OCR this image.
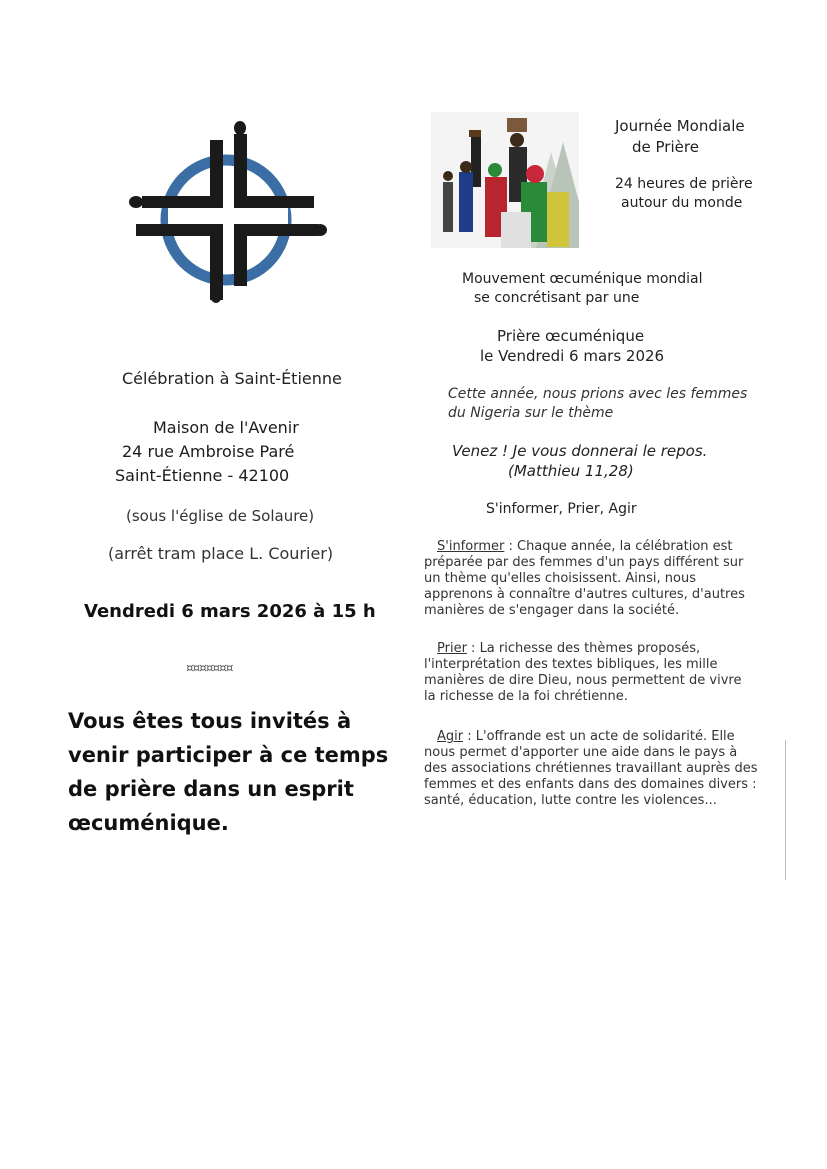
Célébration à Saint-Étienne
Maison de l'Avenir
24 rue Ambroise Paré
Saint-Étienne - 42100
(sous l'église de Solaure)
(arrêt tram place L. Courier)
Vendredi 6 mars 2026 à 15 h
¤¤¤¤¤¤¤
Vous êtes tous invités à
venir participer à ce temps
de prière dans un esprit
œcuménique.
Journée Mondiale
de Prière
24 heures de prière
autour du monde
Mouvement œcuménique mondial
se concrétisant par une
Prière œcuménique
le Vendredi 6 mars 2026
Cette année, nous prions avec les femmes
du Nigeria sur le thème
Venez ! Je vous donnerai le repos.
(Matthieu 11,28)
S'informer, Prier, Agir
S'informer : Chaque année, la célébration est
préparée par des femmes d'un pays différent sur
un thème qu'elles choisissent. Ainsi, nous
apprenons à connaître d'autres cultures, d'autres
manières de s'engager dans la société.
Prier : La richesse des thèmes proposés,
l'interprétation des textes bibliques, les mille
manières de dire Dieu, nous permettent de vivre
la richesse de la foi chrétienne.
Agir : L'offrande est un acte de solidarité. Elle
nous permet d'apporter une aide dans le pays à
des associations chrétiennes travaillant auprès des
femmes et des enfants dans des domaines divers :
santé, éducation, lutte contre les violences...
